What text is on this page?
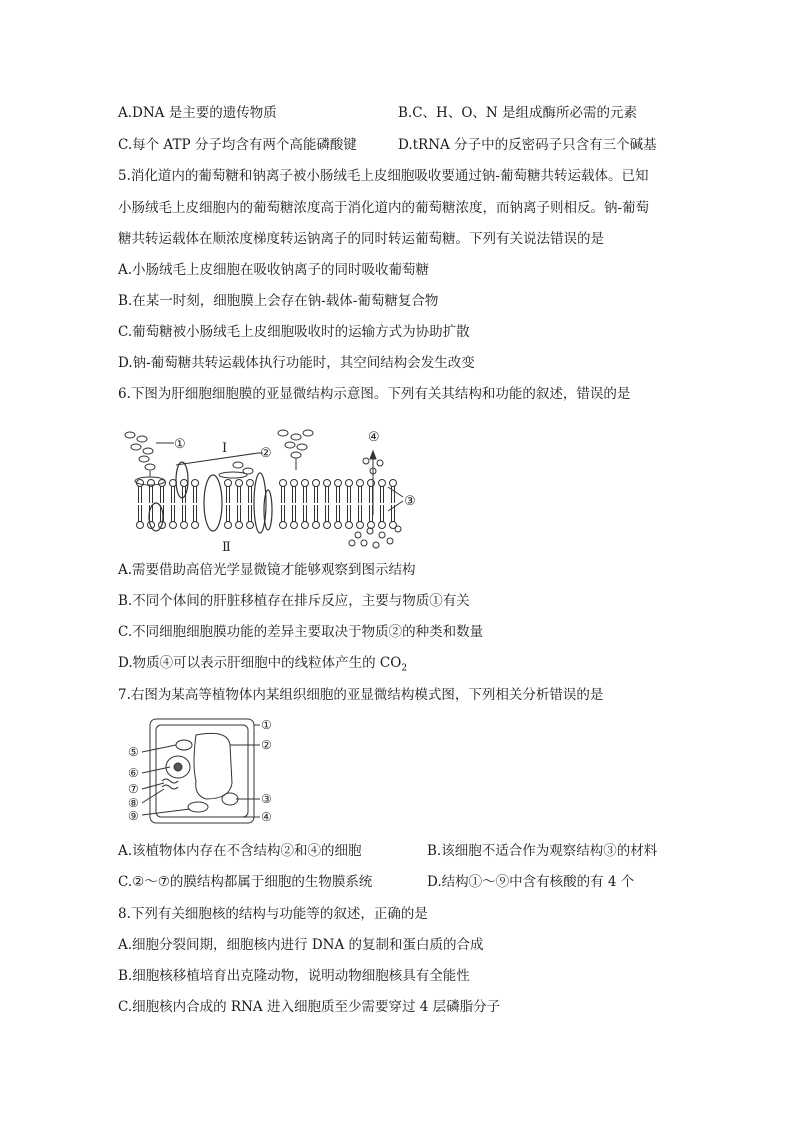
A.DNA 是主要的遗传物质	B.C、H、O、N 是组成酶所必需的元素
C.每个 ATP 分子均含有两个高能磷酸键	D.tRNA 分子中的反密码子只含有三个碱基
5.消化道内的葡萄糖和钠离子被小肠绒毛上皮细胞吸收要通过钠-葡萄糖共转运载体。已知
小肠绒毛上皮细胞内的葡萄糖浓度高于消化道内的葡萄糖浓度，而钠离子则相反。钠-葡萄
糖共转运载体在顺浓度梯度转运钠离子的同时转运葡萄糖。下列有关说法错误的是
A.小肠绒毛上皮细胞在吸收钠离子的同时吸收葡萄糖
B.在某一时刻，细胞膜上会存在钠-载体-葡萄糖复合物
C.葡萄糖被小肠绒毛上皮细胞吸收时的运输方式为协助扩散
D.钠-葡萄糖共转运载体执行功能时，其空间结构会发生改变
6.下图为肝细胞细胞膜的亚显微结构示意图。下列有关其结构和功能的叙述，错误的是
①	Ⅰ	②
④
③
Ⅱ
A.需要借助高倍光学显微镜才能够观察到图示结构
B.不同个体间的肝脏移植存在排斥反应，主要与物质①有关
C.不同细胞细胞膜功能的差异主要取决于物质②的种类和数量
D.物质④可以表示肝细胞中的线粒体产生的 $CO_2$
7.右图为某高等植物体内某组织细胞的亚显微结构模式图，下列相关分析错误的是
①
②
③
④
⑤
⑥
⑦
⑧
⑨
A.该植物体内存在不含结构②和④的细胞	B.该细胞不适合作为观察结构③的材料
C.②～⑦的膜结构都属于细胞的生物膜系统	D.结构①～⑨中含有核酸的有 4 个
8.下列有关细胞核的结构与功能等的叙述，正确的是
A.细胞分裂间期，细胞核内进行 DNA 的复制和蛋白质的合成
B.细胞核移植培育出克隆动物，说明动物细胞核具有全能性
C.细胞核内合成的 RNA 进入细胞质至少需要穿过 4 层磷脂分子
